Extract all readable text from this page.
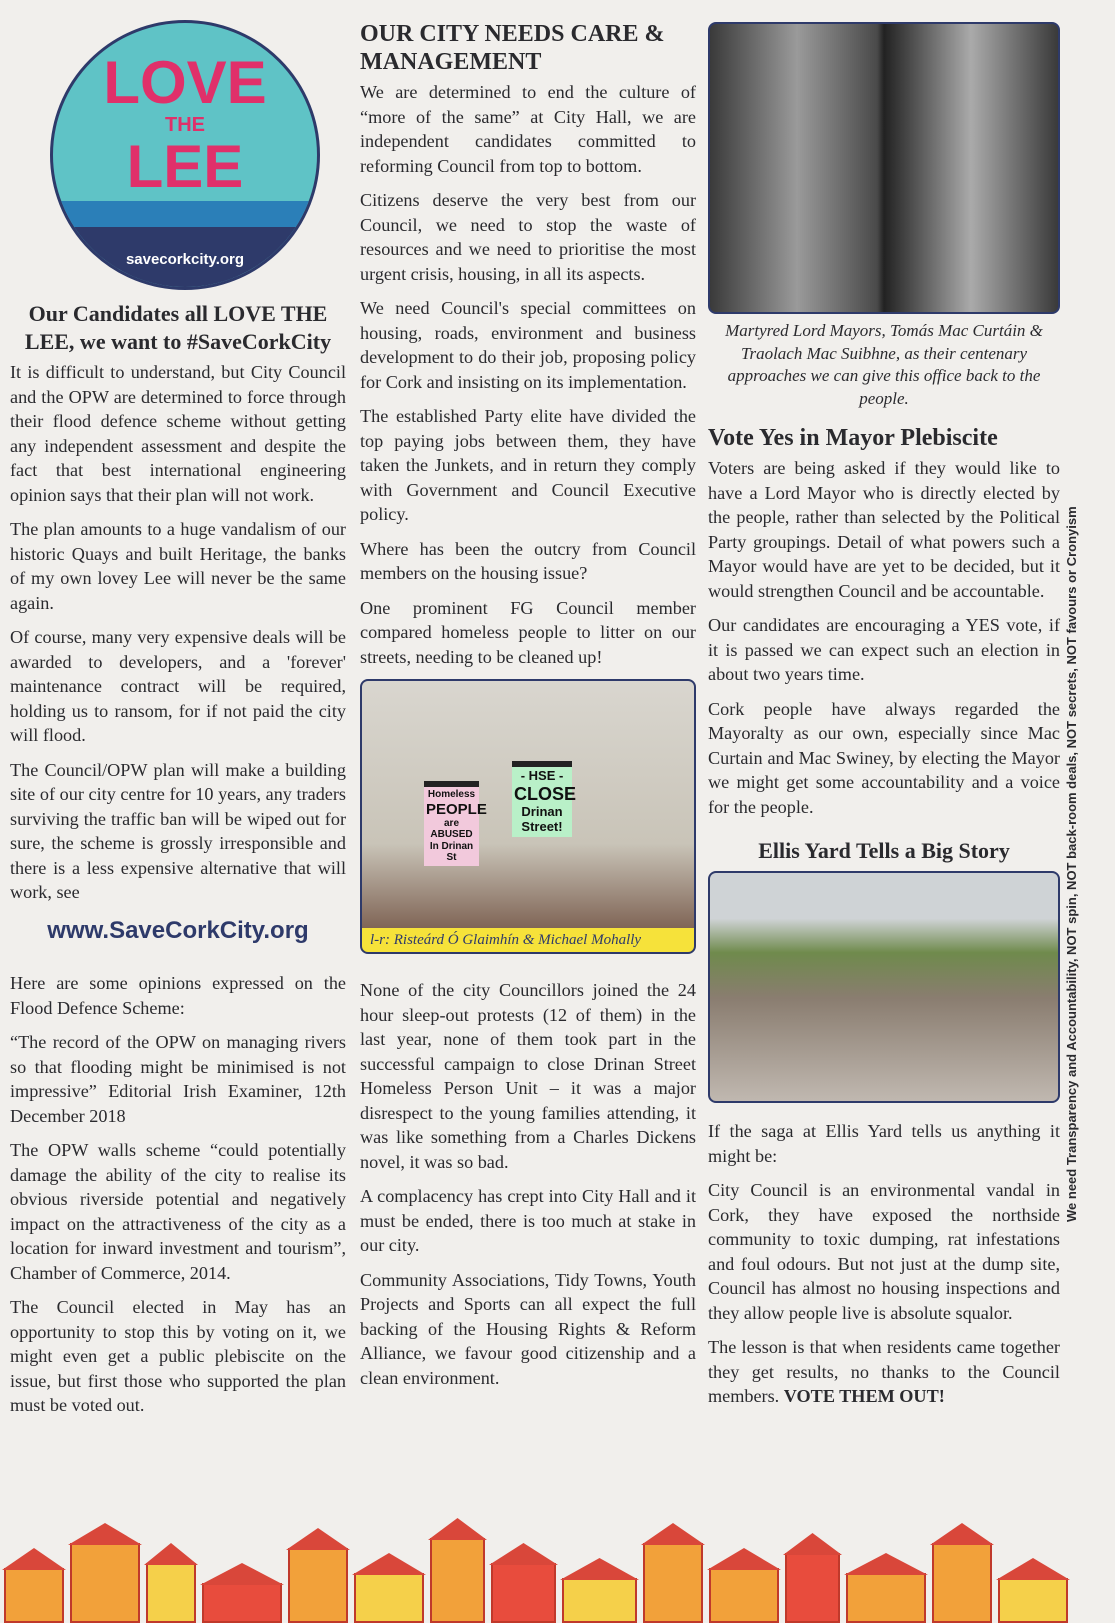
LOVE
THE
LEE
savecorkcity.org
Our Candidates all LOVE THE LEE, we want to #SaveCorkCity

It is difficult to understand, but City Council and the OPW are determined to force through their flood defence scheme without getting any independent assessment and despite the fact that best international engineering opinion says that their plan will not work.

The plan amounts to a huge vandalism of our historic Quays and built Heritage, the banks of my own lovey Lee will never be the same again.

Of course, many very expensive deals will be awarded to developers, and a 'forever' maintenance contract will be required, holding us to ransom, for if not paid the city will flood.

The Council/OPW plan will make a building site of our city centre for 10 years, any traders surviving the traffic ban will be wiped out for sure, the scheme is grossly irresponsible and there is a less expensive alternative that will work, see

www.SaveCorkCity.org

Here are some opinions expressed on the Flood Defence Scheme:

“The record of the OPW on managing rivers so that flooding might be minimised is not impressive” Editorial Irish Examiner, 12th December 2018

The OPW walls scheme “could potentially damage the ability of the city to realise its obvious riverside potential and negatively impact on the attractiveness of the city as a location for inward investment and tourism”, Chamber of Commerce, 2014.

The Council elected in May has an opportunity to stop this by voting on it, we might even get a public plebiscite on the issue, but first those who supported the plan must be voted out.

OUR CITY NEEDS CARE & MANAGEMENT

We are determined to end the culture of “more of the same” at City Hall, we are independent candidates committed to reforming Council from top to bottom.

Citizens deserve the very best from our Council, we need to stop the waste of resources and we need to prioritise the most urgent crisis, housing, in all its aspects.

We need Council's special committees on housing, roads, environment and business development to do their job, proposing policy for Cork and insisting on its implementation.

The established Party elite have divided the top paying jobs between them, they have taken the Junkets, and in return they comply with Government and Council Executive policy.

Where has been the outcry from Council members on the housing issue?

One prominent FG Council member compared homeless people to litter on our streets, needing to be cleaned up!

Homeless
PEOPLE
are
ABUSED
In Drinan St
- HSE -
CLOSE
Drinan
Street!
l-r: Risteárd Ó Glaimhín & Michael Mohally

None of the city Councillors joined the 24 hour sleep-out protests (12 of them) in the last year, none of them took part in the successful campaign to close Drinan Street Homeless Person Unit – it was a major disrespect to the young families attending, it was like something from a Charles Dickens novel, it was so bad.

A complacency has crept into City Hall and it must be ended, there is too much at stake in our city.

Community Associations, Tidy Towns, Youth Projects and Sports can all expect the full backing of the Housing Rights & Reform Alliance, we favour good citizenship and a clean environment.

Martyred Lord Mayors, Tomás Mac Curtáin & Traolach Mac Suibhne, as their centenary approaches we can give this office back to the people.
Vote Yes in Mayor Plebiscite

Voters are being asked if they would like to have a Lord Mayor who is directly elected by the people, rather than selected by the Political Party groupings. Detail of what powers such a Mayor would have are yet to be decided, but it would strengthen Council and be accountable.

Our candidates are encouraging a YES vote, if it is passed we can expect such an election in about two years time.

Cork people have always regarded the Mayoralty as our own, especially since Mac Curtain and Mac Swiney, by electing the Mayor we might get some accountability and a voice for the people.

Ellis Yard Tells a Big Story

If the saga at Ellis Yard tells us anything it might be:

City Council is an environmental vandal in Cork, they have exposed the northside community to toxic dumping, rat infestations and foul odours. But not just at the dump site, Council has almost no housing inspections and they allow people live is absolute squalor.

The lesson is that when residents came together they get results, no thanks to the Council members. VOTE THEM OUT!

We need Transparency and Accountability, NOT spin, NOT back-room deals, NOT secrets, NOT favours or Cronyism
